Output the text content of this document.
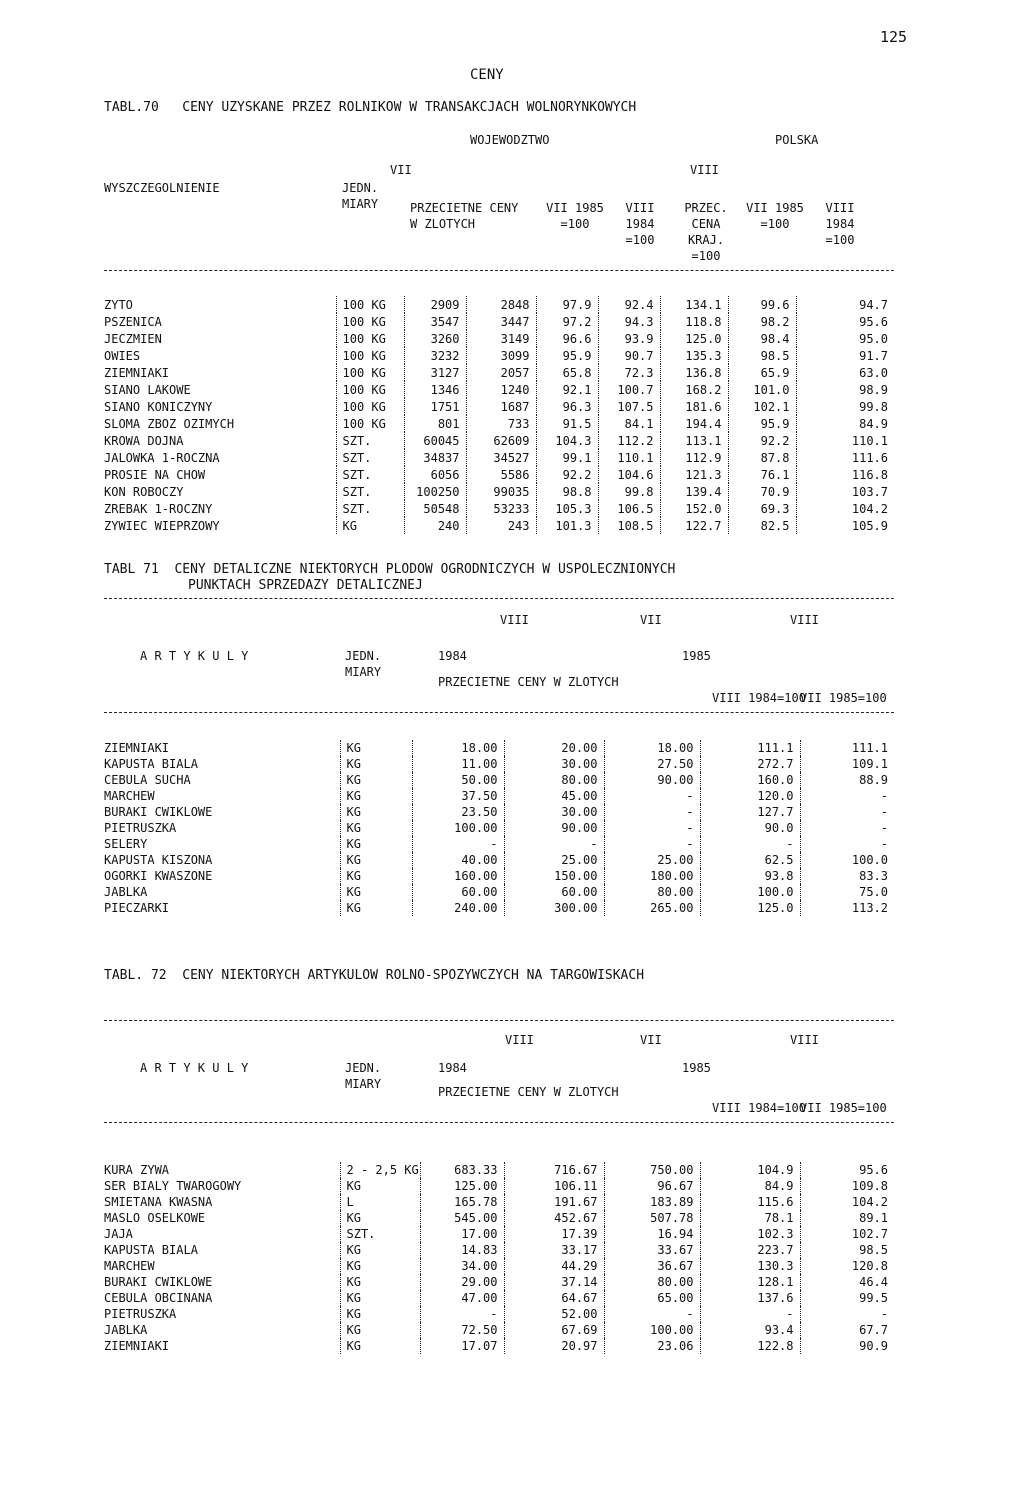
125
CENY
TABL.70   CENY UZYSKANE PRZEZ ROLNIKOW W TRANSAKCJACH WOLNORYNKOWYCH
WOJEWODZTWO	POLSKA
VII	VIII
WYSZCZEGOLNIENIE	JEDN. MIARY	PRZECIETNE CENY W ZLOTYCH
VII 1985 =100
VIII 1984 =100
PRZEC. CENA KRAJ. =100
VII 1985 =100
VIII 1984 =100
ZYTO	100 KG	2909	2848	97.9	92.4	134.1	99.6	94.7
PSZENICA	100 KG	3547	3447	97.2	94.3	118.8	98.2	95.6
JECZMIEN	100 KG	3260	3149	96.6	93.9	125.0	98.4	95.0
OWIES	100 KG	3232	3099	95.9	90.7	135.3	98.5	91.7
ZIEMNIAKI	100 KG	3127	2057	65.8	72.3	136.8	65.9	63.0
SIANO LAKOWE	100 KG	1346	1240	92.1	100.7	168.2	101.0	98.9
SIANO KONICZYNY	100 KG	1751	1687	96.3	107.5	181.6	102.1	99.8
SLOMA ZBOZ OZIMYCH	100 KG	801	733	91.5	84.1	194.4	95.9	84.9
KROWA DOJNA	SZT.	60045	62609	104.3	112.2	113.1	92.2	110.1
JALOWKA 1-ROCZNA	SZT.	34837	34527	99.1	110.1	112.9	87.8	111.6
PROSIE NA CHOW	SZT.	6056	5586	92.2	104.6	121.3	76.1	116.8
KON ROBOCZY	SZT.	100250	99035	98.8	99.8	139.4	70.9	103.7
ZREBAK 1-ROCZNY	SZT.	50548	53233	105.3	106.5	152.0	69.3	104.2
ZYWIEC WIEPRZOWY	KG	240	243	101.3	108.5	122.7	82.5	105.9
TABL 71  CENY DETALICZNE NIEKTORYCH PLODOW OGRODNICZYCH W USPOLECZNIONYCH
PUNKTACH SPRZEDAZY DETALICZNEJ
VIII	VII	VIII
A R T Y K U L Y	JEDN. MIARY
1984	1985
PRZECIETNE CENY W ZLOTYCH
VIII 1984=100
VII 1985=100
ZIEMNIAKI	KG	18.00	20.00	18.00	111.1	111.1
KAPUSTA BIALA	KG	11.00	30.00	27.50	272.7	109.1
CEBULA SUCHA	KG	50.00	80.00	90.00	160.0	88.9
MARCHEW	KG	37.50	45.00	-	120.0	-
BURAKI CWIKLOWE	KG	23.50	30.00	-	127.7	-
PIETRUSZKA	KG	100.00	90.00	-	90.0	-
SELERY	KG	-	-	-	-	-
KAPUSTA KISZONA	KG	40.00	25.00	25.00	62.5	100.0
OGORKI KWASZONE	KG	160.00	150.00	180.00	93.8	83.3
JABLKA	KG	60.00	60.00	80.00	100.0	75.0
PIECZARKI	KG	240.00	300.00	265.00	125.0	113.2
TABL. 72  CENY NIEKTORYCH ARTYKULOW ROLNO-SPOZYWCZYCH NA TARGOWISKACH
VIII	VII	VIII
A R T Y K U L Y	JEDN. MIARY
1984	1985
PRZECIETNE CENY W ZLOTYCH
VIII 1984=100
VII 1985=100
KURA ZYWA	2 - 2,5 KG	683.33	716.67	750.00	104.9	95.6
SER BIALY TWAROGOWY	KG	125.00	106.11	96.67	84.9	109.8
SMIETANA KWASNA	L	165.78	191.67	183.89	115.6	104.2
MASLO OSELKOWE	KG	545.00	452.67	507.78	78.1	89.1
JAJA	SZT.	17.00	17.39	16.94	102.3	102.7
KAPUSTA BIALA	KG	14.83	33.17	33.67	223.7	98.5
MARCHEW	KG	34.00	44.29	36.67	130.3	120.8
BURAKI CWIKLOWE	KG	29.00	37.14	80.00	128.1	46.4
CEBULA OBCINANA	KG	47.00	64.67	65.00	137.6	99.5
PIETRUSZKA	KG	-	52.00	-	-	-
JABLKA	KG	72.50	67.69	100.00	93.4	67.7
ZIEMNIAKI	KG	17.07	20.97	23.06	122.8	90.9
